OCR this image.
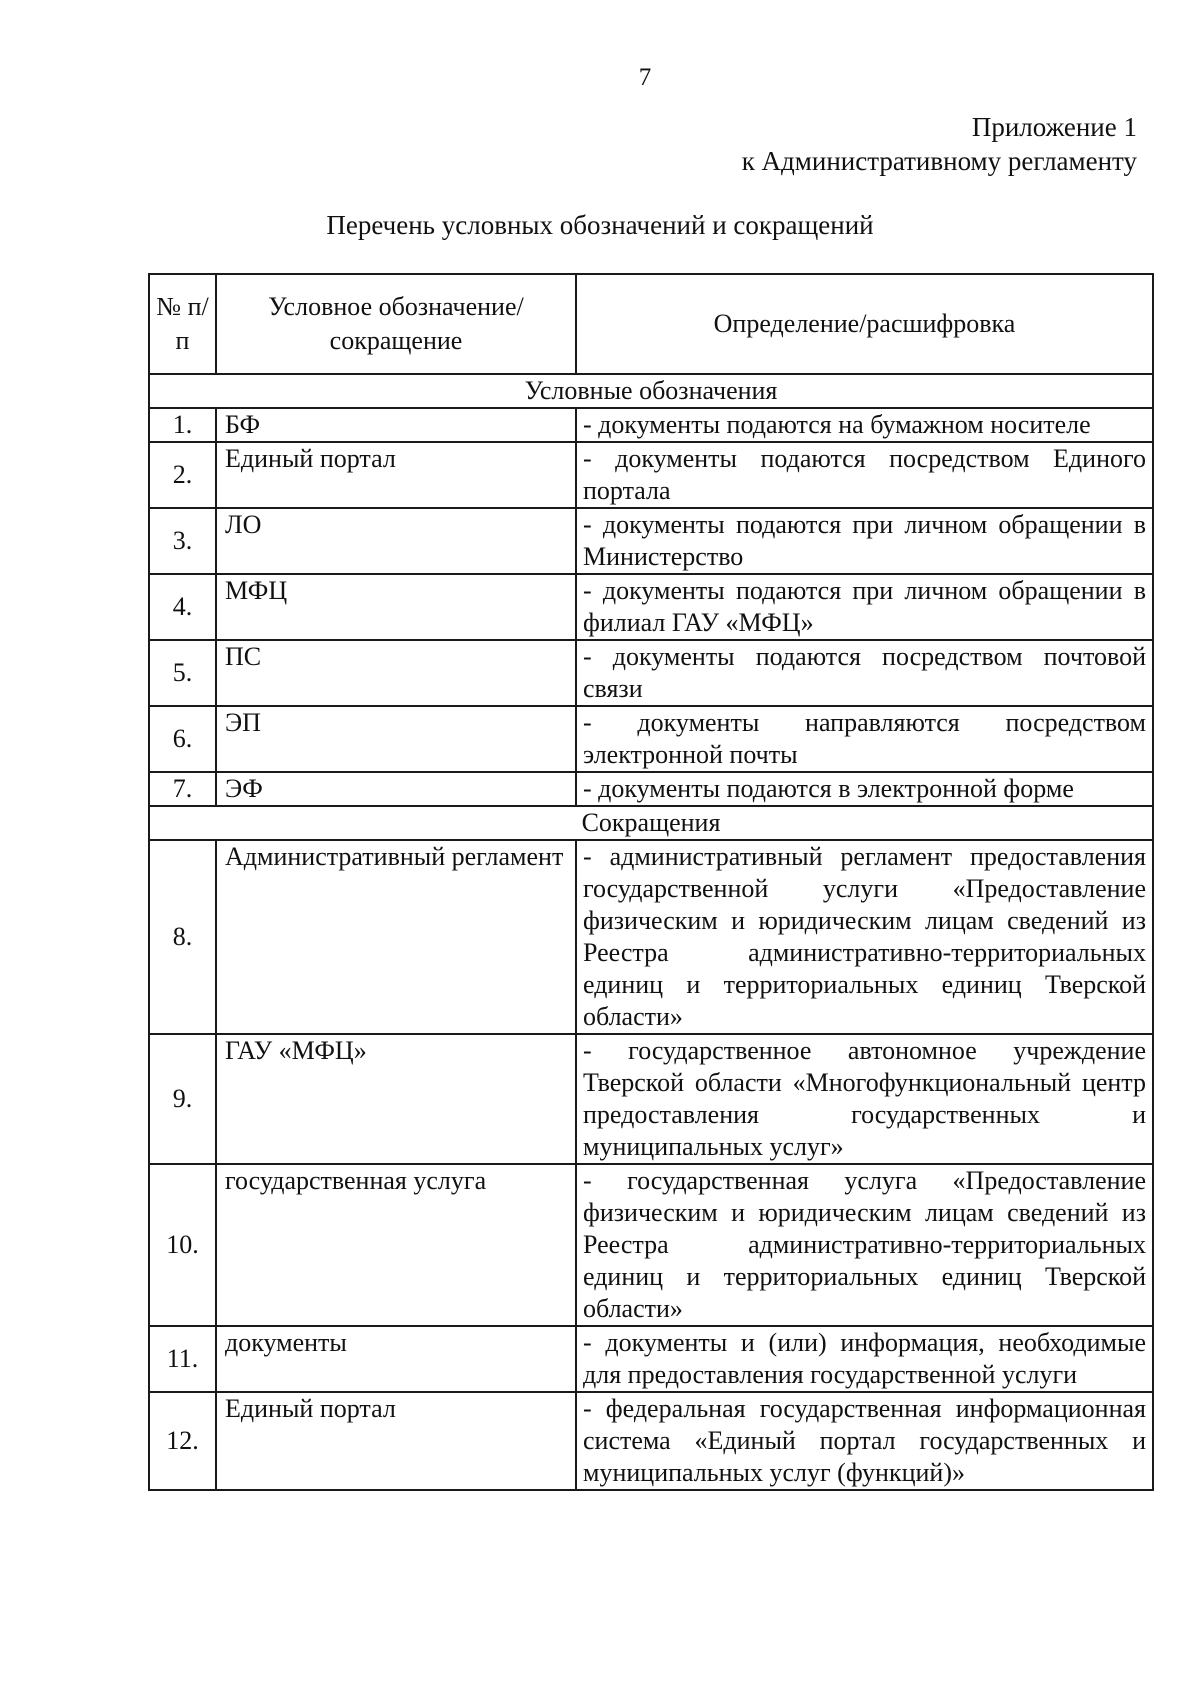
7
Приложение 1
к Административному регламенту
Перечень условных обозначений и сокращений
№ п/п	Условное обозначение/сокращение	Определение/расшифровка
Условные обозначения		
1.	БФ	- документы подаются на бумажном носителе
2.	Единый портал	- документы подаются посредством Единого портала
3.	ЛО	- документы подаются при личном обращении в Министерство
4.	МФЦ	- документы подаются при личном обращении в филиал ГАУ «МФЦ»
5.	ПС	- документы подаются посредством почтовой связи
6.	ЭП	- документы направляются посредством электронной почты
7.	ЭФ	- документы подаются в электронной форме
Сокращения		
8.	Административный регламент	- административный регламент предоставления государственной услуги «Предоставление физическим и юридическим лицам сведений из Реестра административно-территориальных единиц и территориальных единиц Тверской области»
9.	ГАУ «МФЦ»	- государственное автономное учреждение Тверской области «Многофункциональный центр предоставления государственных и муниципальных услуг»
10.	государственная услуга	- государственная услуга «Предоставление физическим и юридическим лицам сведений из Реестра административно-территориальных единиц и территориальных единиц Тверской области»
11.	документы	- документы и (или) информация, необходимые для предоставления государственной услуги
12.	Единый портал	- федеральная государственная информационная система «Единый портал государственных и муниципальных услуг (функций)»
